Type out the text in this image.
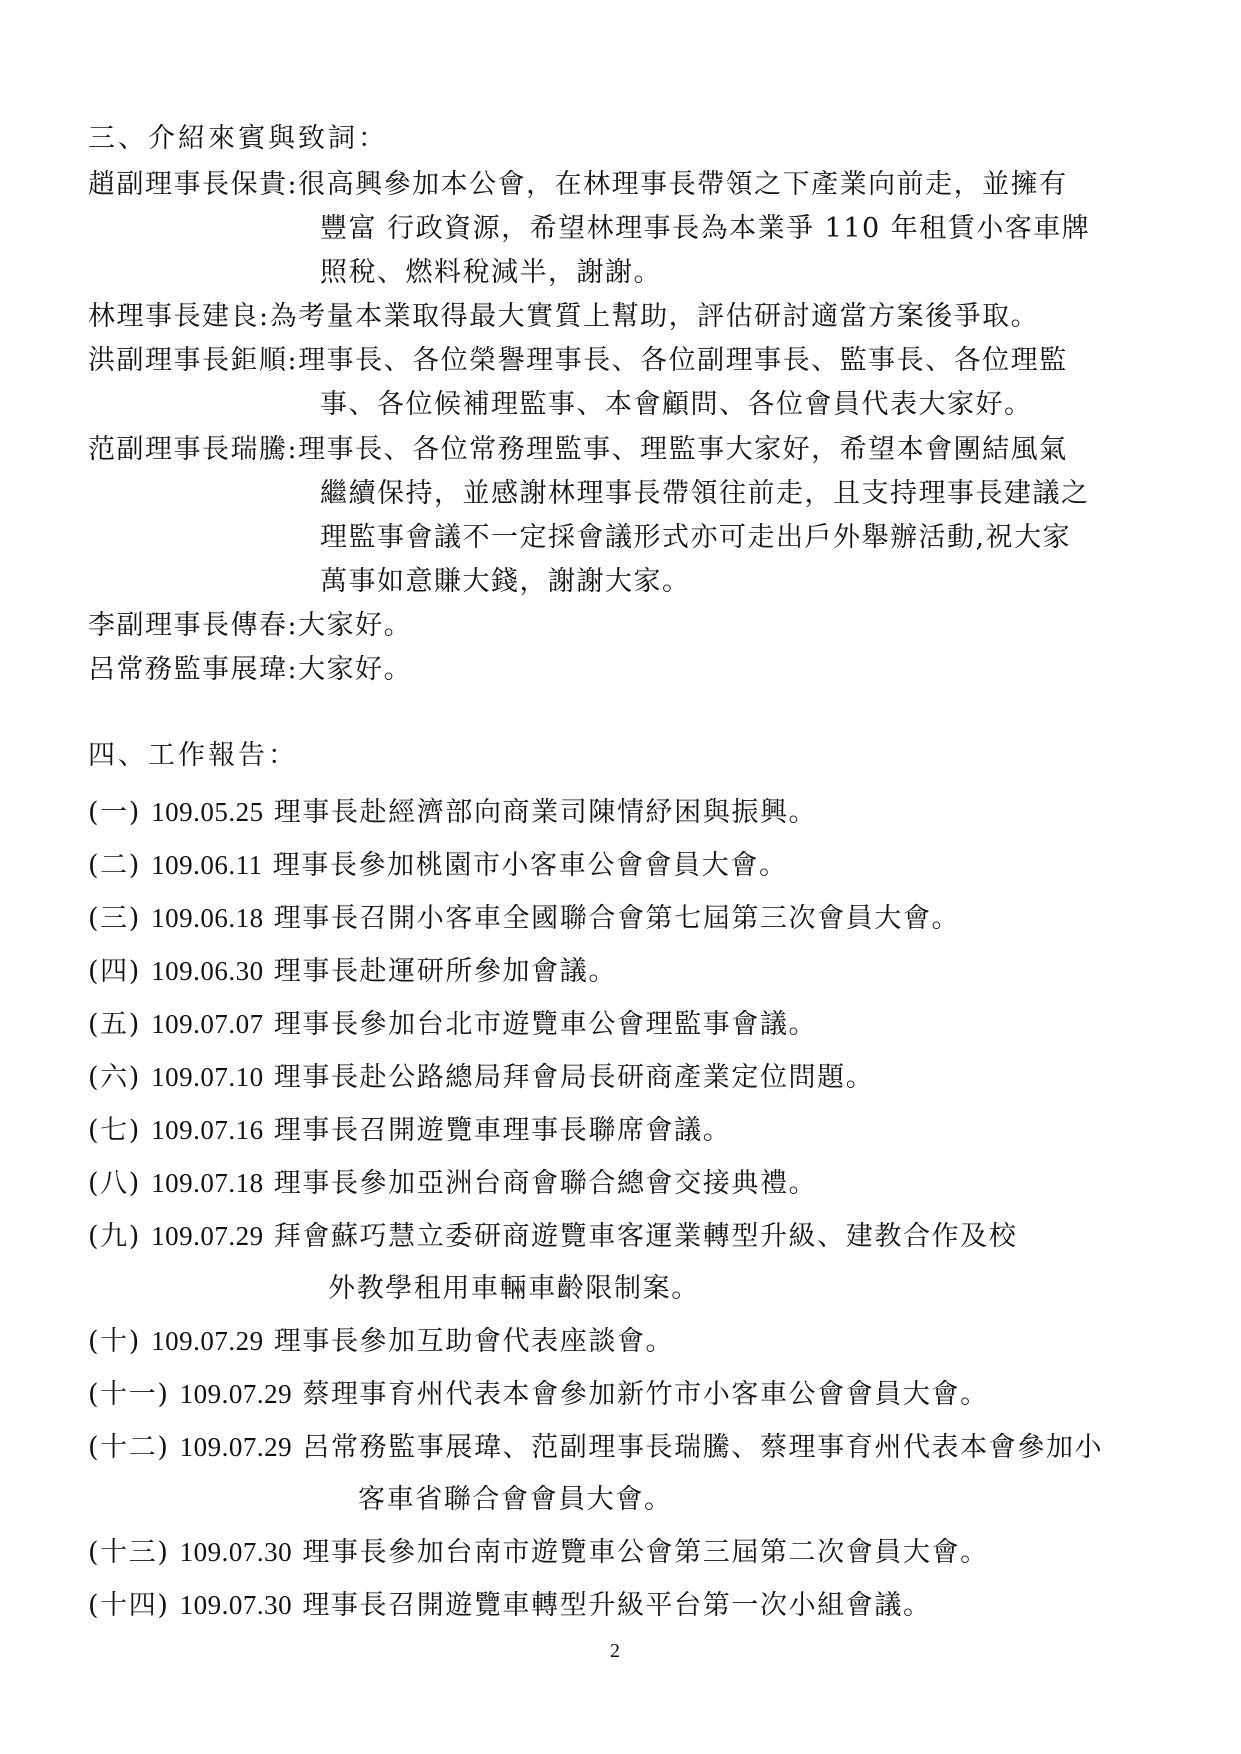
三、介紹來賓與致詞：
趙副理事長保貴:很高興參加本公會，在林理事長帶領之下產業向前走，並擁有
豐富 行政資源，希望林理事長為本業爭 110 年租賃小客車牌
照稅、燃料稅減半，謝謝。
林理事長建良:為考量本業取得最大實質上幫助，評估研討適當方案後爭取。
洪副理事長鉅順:理事長、各位榮譽理事長、各位副理事長、監事長、各位理監
事、各位候補理監事、本會顧問、各位會員代表大家好。
范副理事長瑞騰:理事長、各位常務理監事、理監事大家好，希望本會團結風氣
繼續保持，並感謝林理事長帶領往前走，且支持理事長建議之
理監事會議不一定採會議形式亦可走出戶外舉辦活動,祝大家
萬事如意賺大錢，謝謝大家。
李副理事長傳春:大家好。
呂常務監事展瑋:大家好。
四、工作報告：
(一) 109.05.25 理事長赴經濟部向商業司陳情紓困與振興。
(二) 109.06.11 理事長參加桃園市小客車公會會員大會。
(三) 109.06.18 理事長召開小客車全國聯合會第七屆第三次會員大會。
(四) 109.06.30 理事長赴運研所參加會議。
(五) 109.07.07 理事長參加台北市遊覽車公會理監事會議。
(六) 109.07.10 理事長赴公路總局拜會局長研商產業定位問題。
(七) 109.07.16 理事長召開遊覽車理事長聯席會議。
(八) 109.07.18 理事長參加亞洲台商會聯合總會交接典禮。
(九) 109.07.29 拜會蘇巧慧立委研商遊覽車客運業轉型升級、建教合作及校
外教學租用車輛車齡限制案。
(十) 109.07.29 理事長參加互助會代表座談會。
(十一) 109.07.29 蔡理事育州代表本會參加新竹市小客車公會會員大會。
(十二) 109.07.29 呂常務監事展瑋、范副理事長瑞騰、蔡理事育州代表本會參加小
客車省聯合會會員大會。
(十三) 109.07.30 理事長參加台南市遊覽車公會第三屆第二次會員大會。
(十四) 109.07.30 理事長召開遊覽車轉型升級平台第一次小組會議。
2
